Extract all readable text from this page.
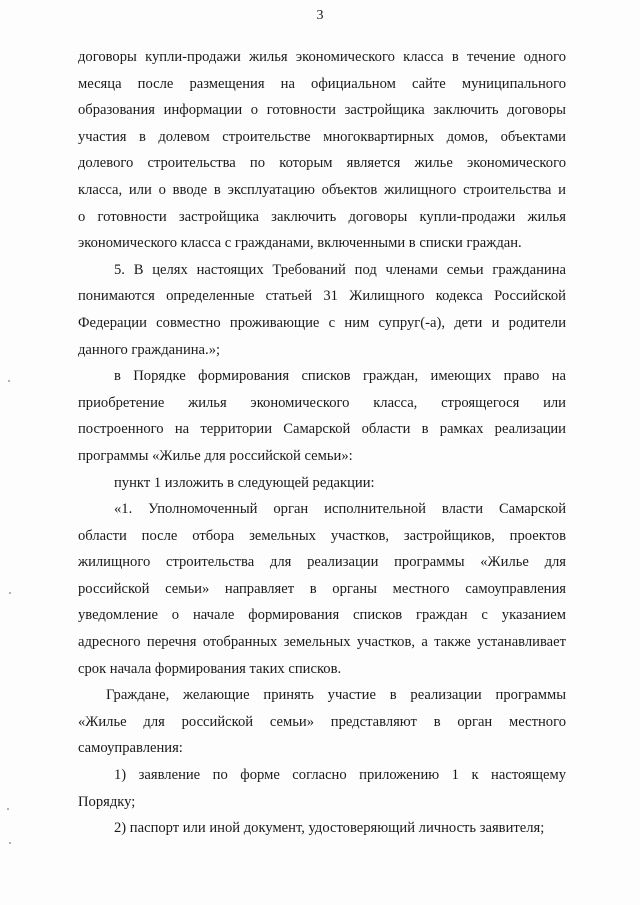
3
договоры купли-продажи жилья экономического класса в течение одного
месяца после размещения на официальном сайте муниципального
образования информации о готовности застройщика заключить договоры
участия в долевом строительстве многоквартирных домов, объектами
долевого строительства по которым является жилье экономического
класса, или о вводе в эксплуатацию объектов жилищного строительства и
о готовности застройщика заключить договоры купли-продажи жилья
экономического класса с гражданами, включенными в списки граждан.
5. В целях настоящих Требований под членами семьи гражданина
понимаются определенные статьей 31 Жилищного кодекса Российской
Федерации совместно проживающие с ним супруг(-а), дети и родители
данного гражданина.»;
в Порядке формирования списков граждан, имеющих право на
приобретение жилья экономического класса, строящегося или
построенного на территории Самарской области в рамках реализации
программы «Жилье для российской семьи»:
пункт 1 изложить в следующей редакции:
«1. Уполномоченный орган исполнительной власти Самарской
области после отбора земельных участков, застройщиков, проектов
жилищного строительства для реализации программы «Жилье для
российской семьи» направляет в органы местного самоуправления
уведомление о начале формирования списков граждан с указанием
адресного перечня отобранных земельных участков, а также устанавливает
срок начала формирования таких списков.
Граждане, желающие принять участие в реализации программы
«Жилье для российской семьи» представляют в орган местного
самоуправления:
1) заявление по форме согласно приложению 1 к настоящему
Порядку;
2) паспорт или иной документ, удостоверяющий личность заявителя;
